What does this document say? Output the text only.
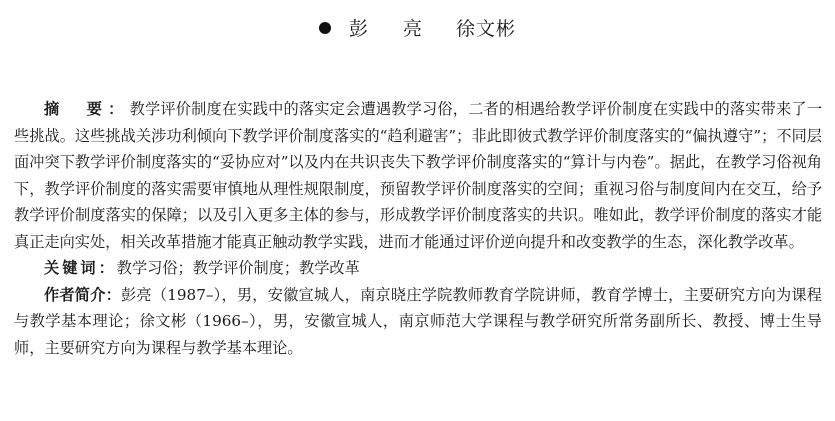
彭　亮 徐文彬

摘　要：教学评价制度在实践中的落实定会遭遇教学习俗，二者的相遇给教学评价制度在实践中的落实带来了一些挑战。这些挑战关涉功利倾向下教学评价制度落实的“趋利避害”；非此即彼式教学评价制度落实的“偏执遵守”；不同层面冲突下教学评价制度落实的“妥协应对”以及内在共识丧失下教学评价制度落实的“算计与内卷”。据此，在教学习俗视角下，教学评价制度的落实需要审慎地从理性规限制度，预留教学评价制度落实的空间；重视习俗与制度间内在交互，给予教学评价制度落实的保障；以及引入更多主体的参与，形成教学评价制度落实的共识。唯如此，教学评价制度的落实才能真正走向实处，相关改革措施才能真正触动教学实践，进而才能通过评价逆向提升和改变教学的生态，深化教学改革。

关键词：教学习俗；教学评价制度；教学改革

作者简介：彭亮（1987–），男，安徽宣城人，南京晓庄学院教师教育学院讲师，教育学博士，主要研究方向为课程与教学基本理论；徐文彬（1966–），男，安徽宣城人，南京师范大学课程与教学研究所常务副所长、教授、博士生导师，主要研究方向为课程与教学基本理论。
